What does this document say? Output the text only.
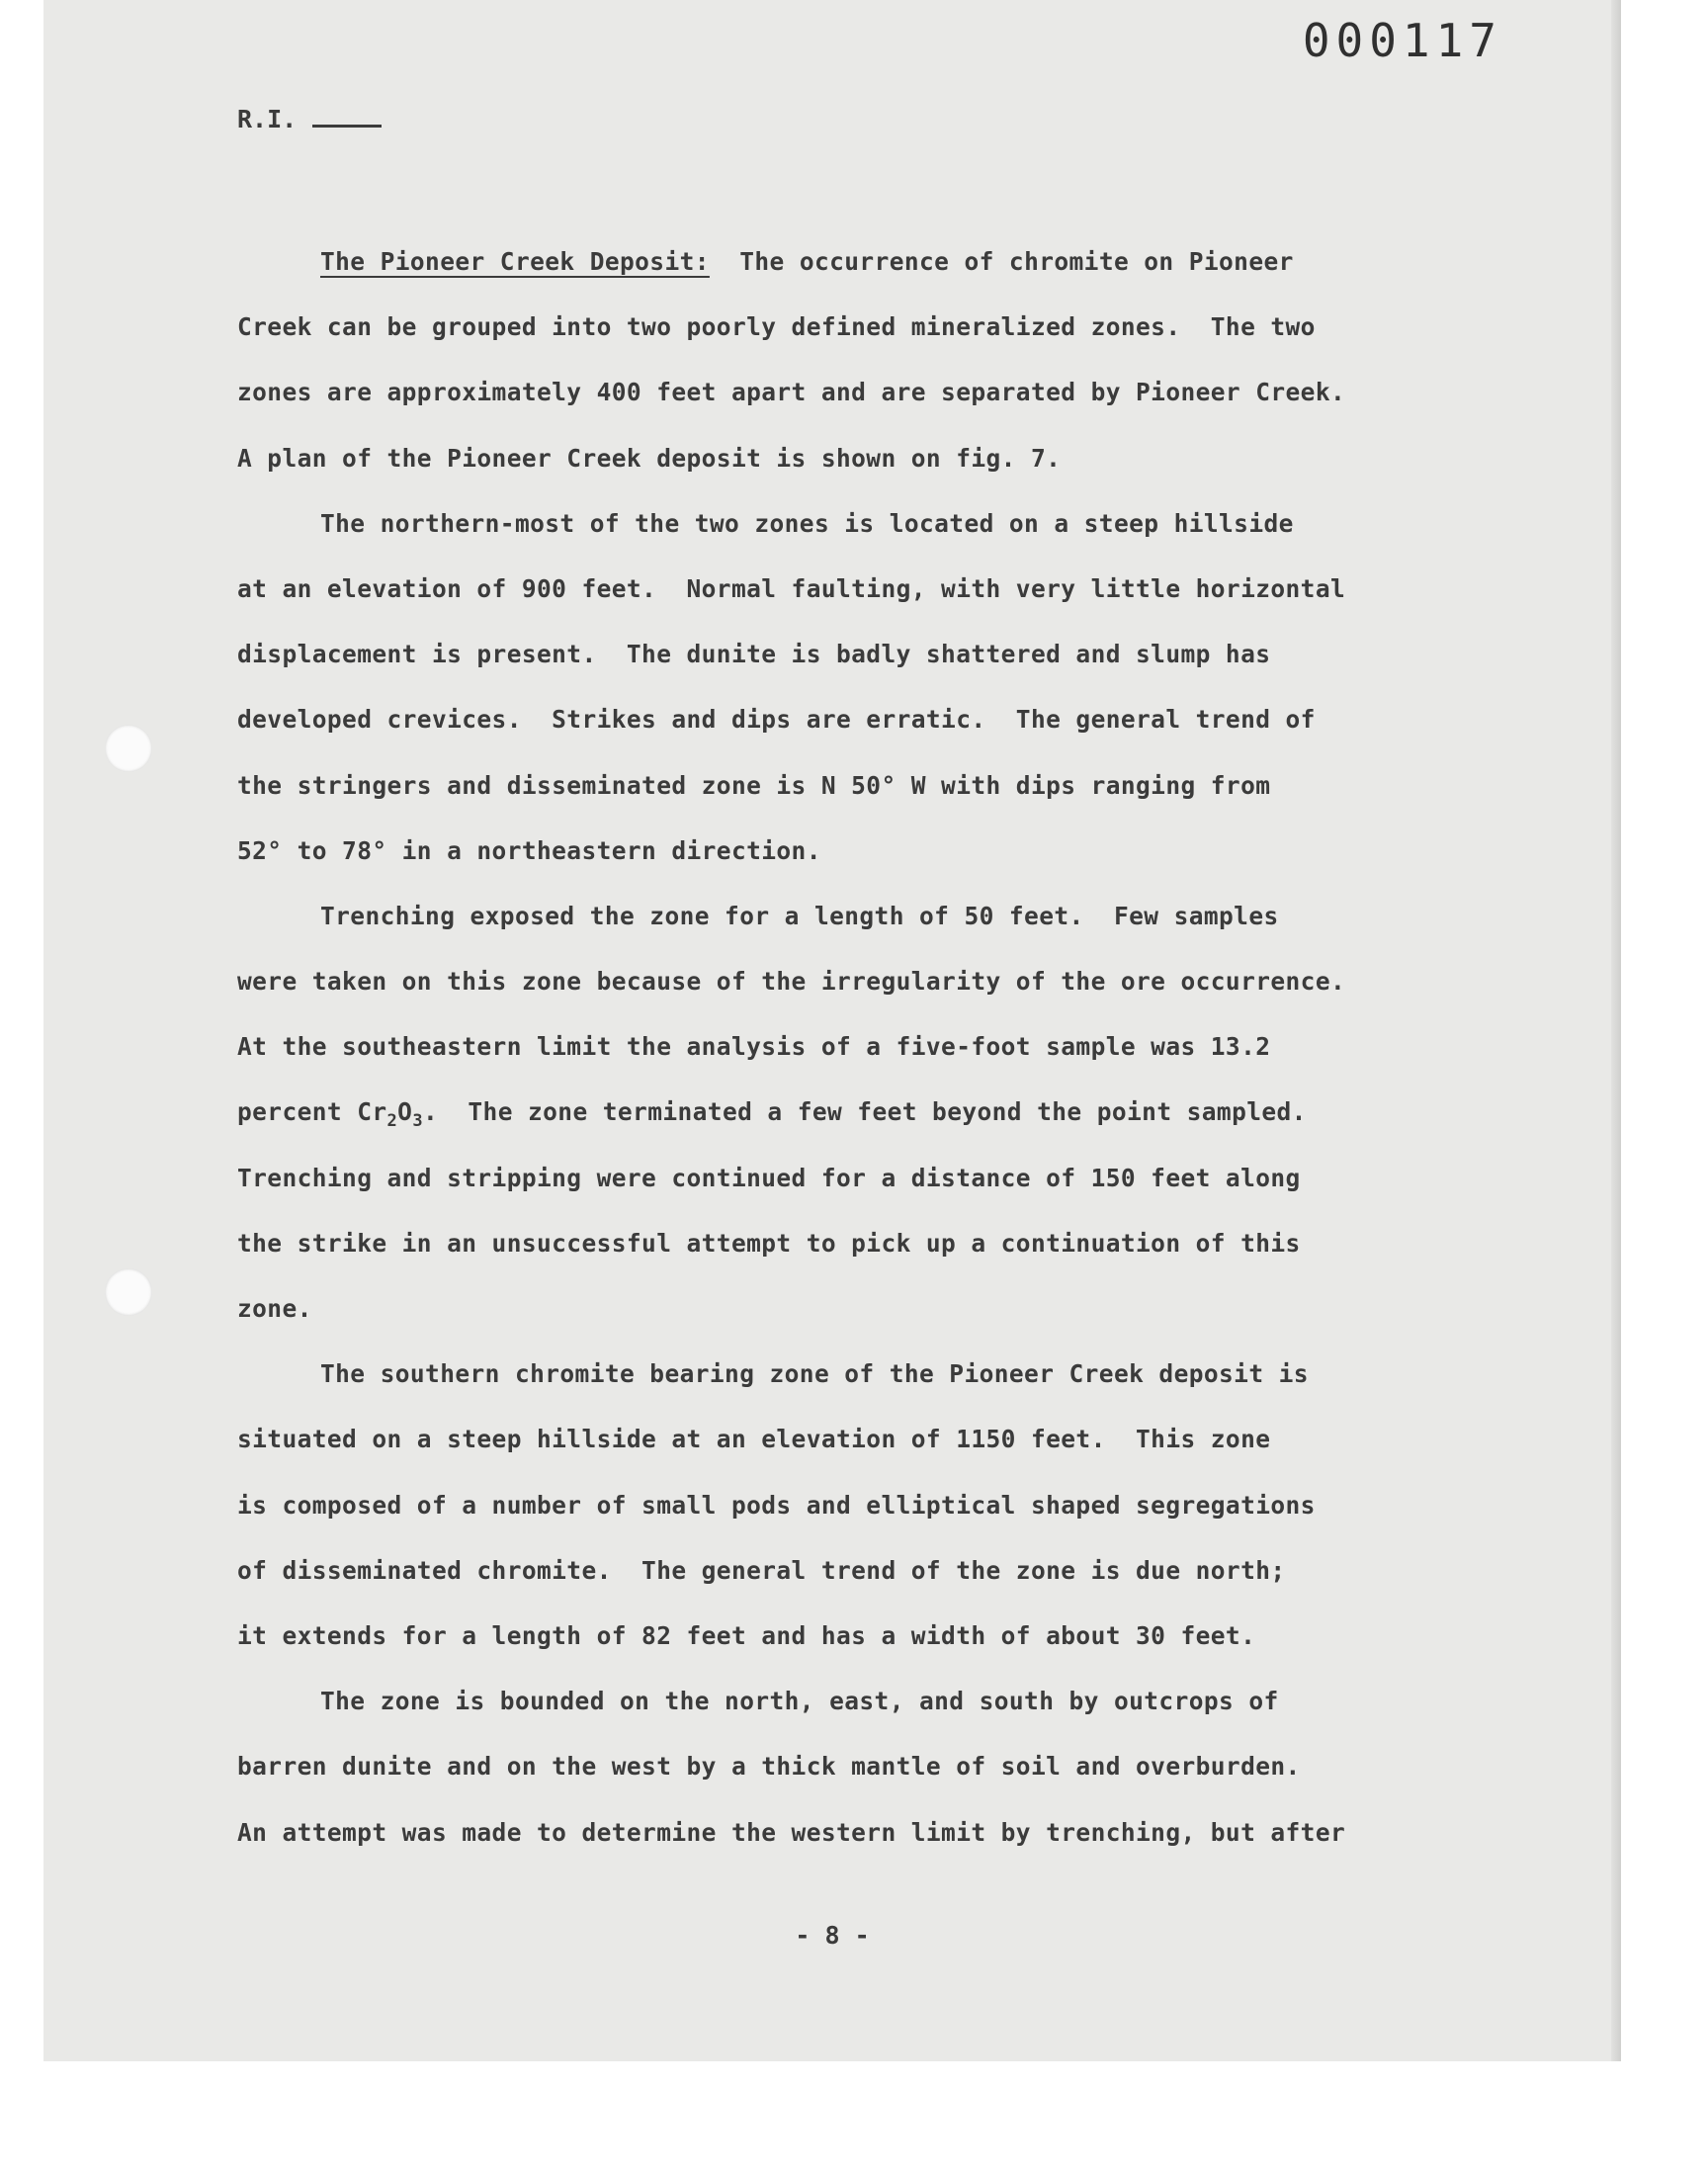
000117
R.I.
The Pioneer Creek Deposit: The occurrence of chromite on Pioneer
Creek can be grouped into two poorly defined mineralized zones.  The two
zones are approximately 400 feet apart and are separated by Pioneer Creek.
A plan of the Pioneer Creek deposit is shown on fig. 7.
The northern-most of the two zones is located on a steep hillside
at an elevation of 900 feet.  Normal faulting, with very little horizontal
displacement is present.  The dunite is badly shattered and slump has
developed crevices.  Strikes and dips are erratic.  The general trend of
the stringers and disseminated zone is N 50° W with dips ranging from
52° to 78° in a northeastern direction.
Trenching exposed the zone for a length of 50 feet.  Few samples
were taken on this zone because of the irregularity of the ore occurrence.
At the southeastern limit the analysis of a five-foot sample was 13.2
percent $Cr_2O_3$.  The zone terminated a few feet beyond the point sampled.
Trenching and stripping were continued for a distance of 150 feet along
the strike in an unsuccessful attempt to pick up a continuation of this
zone.
The southern chromite bearing zone of the Pioneer Creek deposit is
situated on a steep hillside at an elevation of 1150 feet.  This zone
is composed of a number of small pods and elliptical shaped segregations
of disseminated chromite.  The general trend of the zone is due north;
it extends for a length of 82 feet and has a width of about 30 feet.
The zone is bounded on the north, east, and south by outcrops of
barren dunite and on the west by a thick mantle of soil and overburden.
An attempt was made to determine the western limit by trenching, but after
- 8 -
